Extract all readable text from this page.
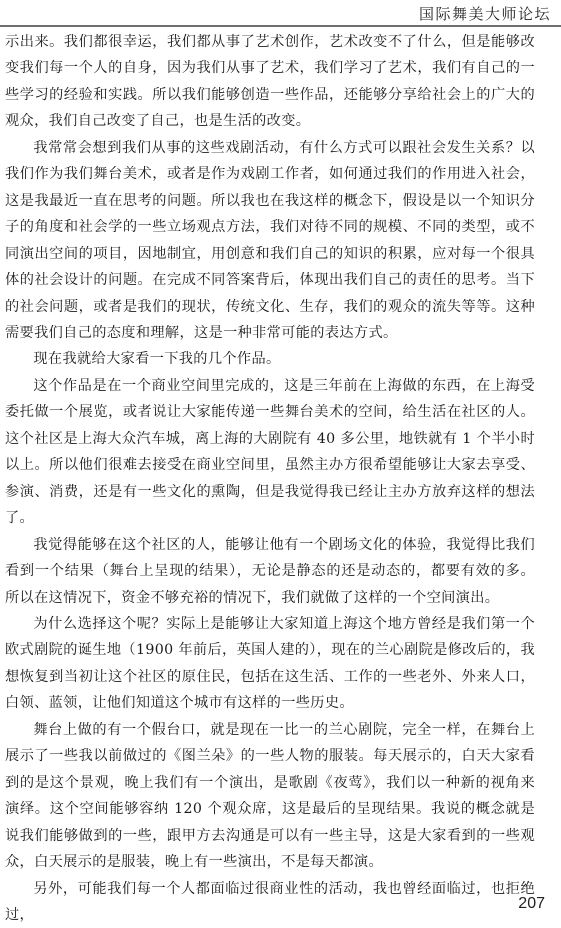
国际舞美大师论坛

示出来。我们都很幸运，我们都从事了艺术创作，艺术改变不了什么，但是能够改变我们每一个人的自身，因为我们从事了艺术，我们学习了艺术，我们有自己的一些学习的经验和实践。所以我们能够创造一些作品，还能够分享给社会上的广大的观众，我们自己改变了自己，也是生活的改变。

我常常会想到我们从事的这些戏剧活动，有什么方式可以跟社会发生关系？以我们作为我们舞台美术，或者是作为戏剧工作者，如何通过我们的作用进入社会，这是我最近一直在思考的问题。所以我也在我这样的概念下，假设是以一个知识分子的角度和社会学的一些立场观点方法，我们对待不同的规模、不同的类型，或不同演出空间的项目，因地制宜，用创意和我们自己的知识的积累，应对每一个很具体的社会设计的问题。在完成不同答案背后，体现出我们自己的责任的思考。当下的社会问题，或者是我们的现状，传统文化、生存，我们的观众的流失等等。这种需要我们自己的态度和理解，这是一种非常可能的表达方式。

现在我就给大家看一下我的几个作品。

这个作品是在一个商业空间里完成的，这是三年前在上海做的东西，在上海受委托做一个展览，或者说让大家能传递一些舞台美术的空间，给生活在社区的人。这个社区是上海大众汽车城，离上海的大剧院有 40 多公里，地铁就有 1 个半小时以上。所以他们很难去接受在商业空间里，虽然主办方很希望能够让大家去享受、参演、消费，还是有一些文化的熏陶，但是我觉得我已经让主办方放弃这样的想法了。

我觉得能够在这个社区的人，能够让他有一个剧场文化的体验，我觉得比我们看到一个结果（舞台上呈现的结果），无论是静态的还是动态的，都要有效的多。所以在这情况下，资金不够充裕的情况下，我们就做了这样的一个空间演出。

为什么选择这个呢？实际上是能够让大家知道上海这个地方曾经是我们第一个欧式剧院的诞生地（1900 年前后，英国人建的），现在的兰心剧院是修改后的，我想恢复到当初让这个社区的原住民，包括在这生活、工作的一些老外、外来人口，白领、蓝领，让他们知道这个城市有这样的一些历史。

舞台上做的有一个假台口，就是现在一比一的兰心剧院，完全一样，在舞台上展示了一些我以前做过的《图兰朵》的一些人物的服装。每天展示的，白天大家看到的是这个景观，晚上我们有一个演出，是歌剧《夜莺》，我们以一种新的视角来演绎。这个空间能够容纳 120 个观众席，这是最后的呈现结果。我说的概念就是说我们能够做到的一些，跟甲方去沟通是可以有一些主导，这是大家看到的一些观众，白天展示的是服装，晚上有一些演出，不是每天都演。

另外，可能我们每一个人都面临过很商业性的活动，我也曾经面临过，也拒绝过，

207
